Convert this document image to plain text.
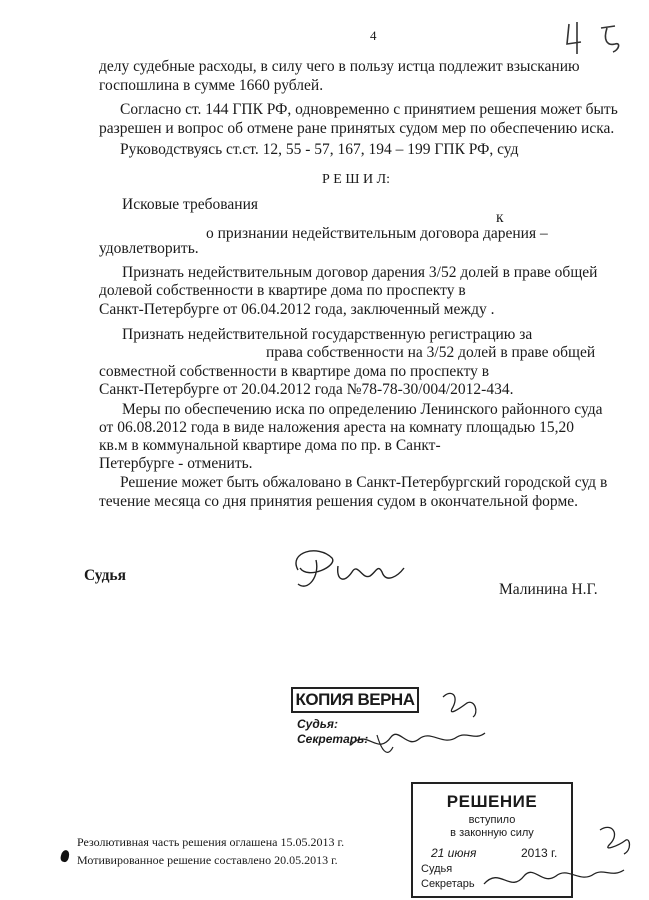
4
делу судебные расходы, в силу чего в пользу истца подлежит взысканию
госпошлина в сумме 1660 рублей.
Согласно ст. 144 ГПК РФ, одновременно с принятием решения может быть
разрешен и вопрос об отмене ране принятых судом мер по обеспечению иска.
Руководствуясь ст.ст. 12, 55 - 57, 167, 194 – 199 ГПК РФ, суд
Р Е Ш И Л:
Исковые требования
к
о признании недействительным договора дарения –
удовлетворить.
Признать недействительным договор дарения 3/52 долей в праве общей
долевой собственности в квартире дома по проспекту в
Санкт-Петербурге от 06.04.2012 года, заключенный между .
Признать недействительной государственную регистрацию за
права собственности на 3/52 долей в праве общей
совместной собственности в квартире дома по проспекту в
Санкт-Петербурге от 20.04.2012 года №78-78-30/004/2012-434.
Меры по обеспечению иска по определению Ленинского районного суда
от 06.08.2012 года в виде наложения ареста на комнату площадью 15,20
кв.м в коммунальной квартире дома по пр. в Санкт-
Петербурге - отменить.
Решение может быть обжаловано в Санкт-Петербургский городской суд в
течение месяца со дня принятия решения судом в окончательной форме.
Судья
Малинина Н.Г.
КОПИЯ ВЕРНА
Судья:
Секретарь:
РЕШЕНИЕ
вступило
в законную силу
21 июня	2013 г.
Судья
Секретарь
Резолютивная часть решения оглашена 15.05.2013 г.
Мотивированное решение составлено 20.05.2013 г.
